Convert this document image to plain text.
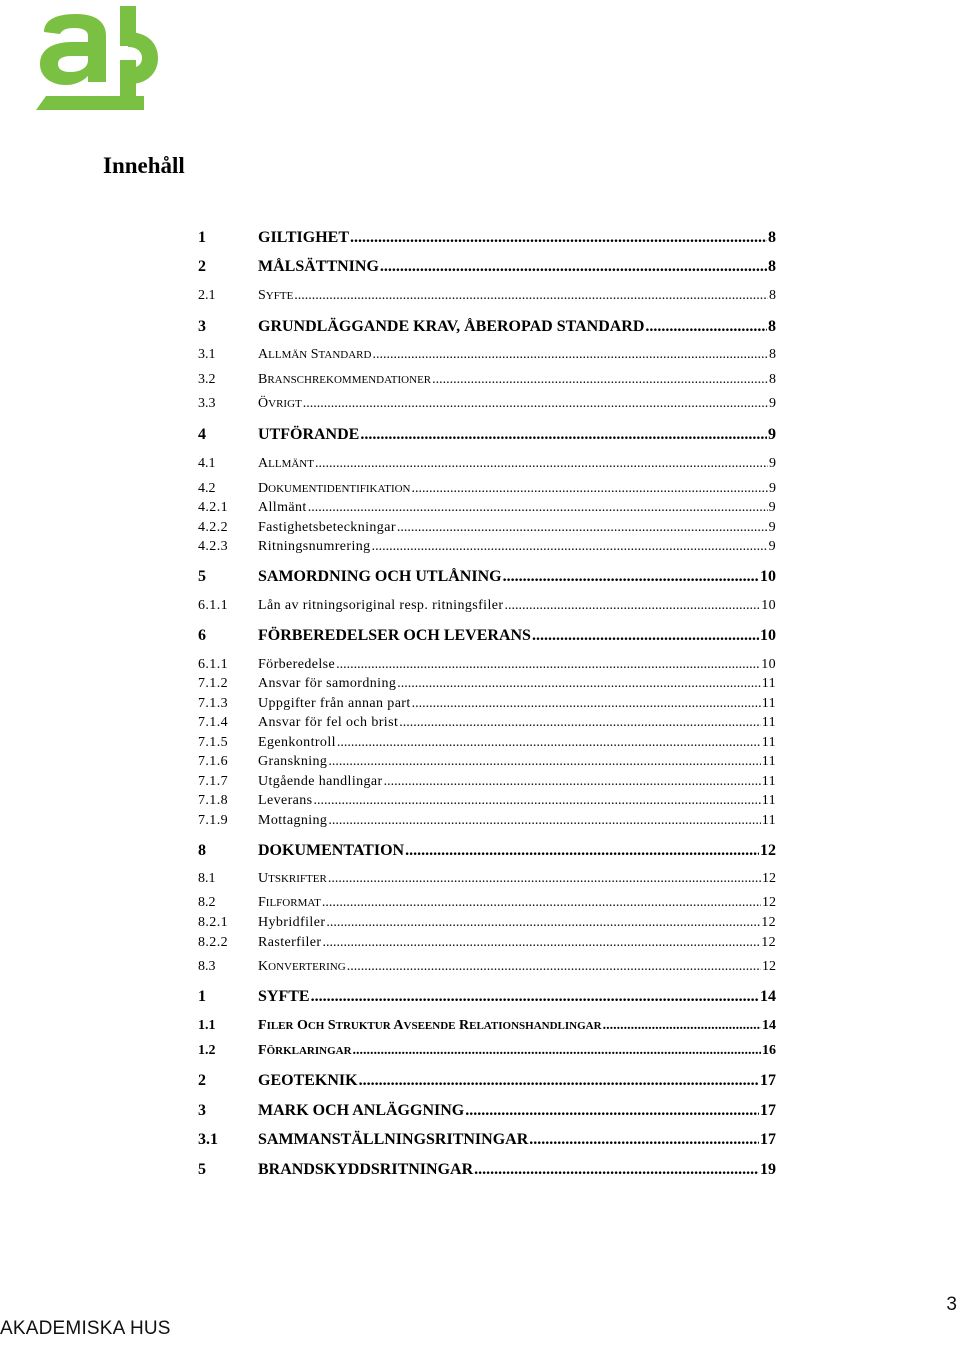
Innehåll
1	GILTIGHET .....	8
2	MÅLSÄTTNING .....	8
2.1	SYFTE .....	8
3	GRUNDLÄGGANDE KRAV, ÅBEROPAD STANDARD .....	8
3.1	ALLMÄN STANDARD .....	8
3.2	BRANSCHREKOMMENDATIONER .....	8
3.3	ÖVRIGT .....	9
4	UTFÖRANDE .....	9
4.1	ALLMÄNT .....	9
4.2	DOKUMENTIDENTIFIKATION .....	9
4.2.1	Allmänt .....	9
4.2.2	Fastighetsbeteckningar .....	9
4.2.3	Ritningsnumrering .....	9
5	SAMORDNING OCH UTLÅNING .....	10
6.1.1	Lån av ritningsoriginal resp. ritningsfiler .....	10
6	FÖRBEREDELSER OCH LEVERANS .....	10
6.1.1	Förberedelse .....	10
7.1.2	Ansvar för samordning .....	11
7.1.3	Uppgifter från annan part .....	11
7.1.4	Ansvar för fel och brist .....	11
7.1.5	Egenkontroll .....	11
7.1.6	Granskning .....	11
7.1.7	Utgående handlingar .....	11
7.1.8	Leverans .....	11
7.1.9	Mottagning .....	11
8	DOKUMENTATION .....	12
8.1	UTSKRIFTER .....	12
8.2	FILFORMAT .....	12
8.2.1	Hybridfiler .....	12
8.2.2	Rasterfiler .....	12
8.3	KONVERTERING .....	12
1	SYFTE .....	14
1.1	FILER OCH STRUKTUR AVSEENDE RELATIONSHANDLINGAR .....	14
1.2	FÖRKLARINGAR .....	16
2	GEOTEKNIK .....	17
3	MARK OCH ANLÄGGNING .....	17
3.1	SAMMANSTÄLLNINGSRITNINGAR .....	17
5	BRANDSKYDDSRITNINGAR .....	19
AKADEMISKA HUS
3
